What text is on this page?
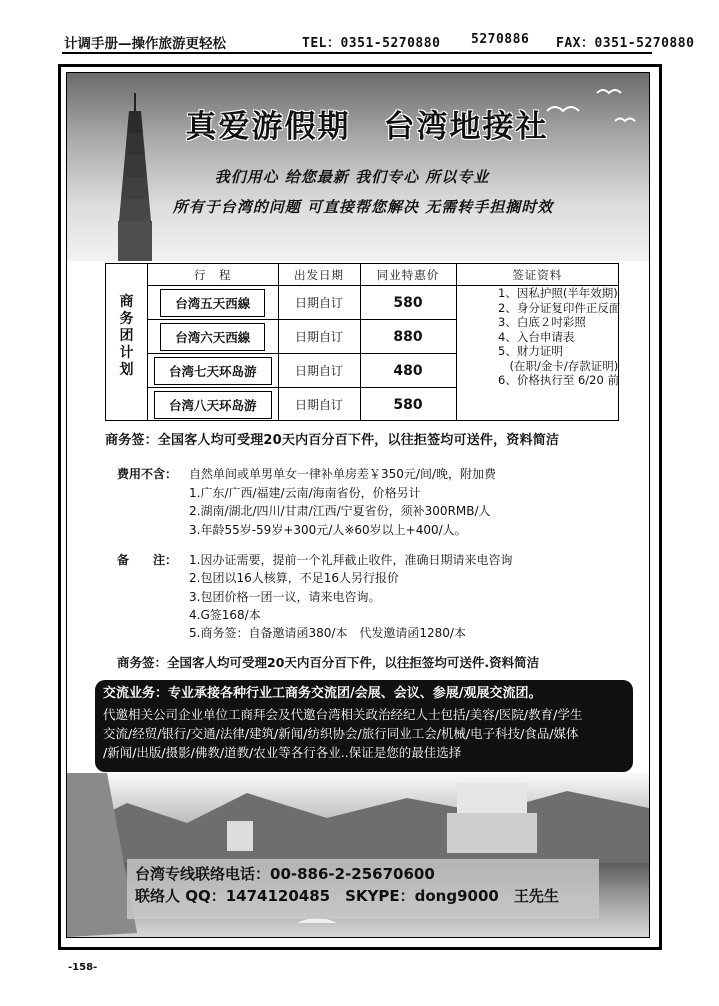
计调手册—操作旅游更轻松	TEL：0351-5270880 5270886 FAX：0351-5270880
真爱游假期　台湾地接社
我们用心 给您最新 我们专心 所以专业
所有于台湾的问题 可直接帮您解决 无需转手担搁时效
商
务
团
计
划
行　程	出发日期	同业特惠价	签证资料
台湾五天西線	日期自订	580	
台湾六天西線	日期自订	880	
台湾七天环岛游	日期自订	480	
台湾八天环岛游	日期自订	580	
1、因私护照(半年效期)
2、身分证复印件正反面
3、白底２吋彩照
4、入台申请表
5、财力证明
　(在职/金卡/存款证明)
6、价格执行至 6/20 前
商务签：全国客人均可受理20天内百分百下件，以往拒签均可送件，资料简洁
费用不含： 自然单间或单男单女一律补单房差￥350元/间/晚，附加费
1.广东/广西/福建/云南/海南省份，价格另计
2.湖南/湖北/四川/甘肃/江西/宁夏省份，须补300RMB/人
3.年龄55岁-59岁+300元/人※60岁以上+400/人。
备　　注： 1.因办证需要，提前一个礼拜截止收件，准确日期请来电咨询
2.包团以16人核算，不足16人另行报价
3.包团价格一团一议，请来电咨询。
4.G签168/本
5.商务签：自备邀请函380/本　代发邀请函1280/本
商务签：全国客人均可受理20天内百分百下件，以往拒签均可送件.资料简洁
交流业务：专业承接各种行业工商务交流团/会展、会议、参展/观展交流团。
代邀相关公司企业单位工商拜会及代邀台湾相关政治经纪人士包括/美容/医院/教育/学生
交流/经贸/银行/交通/法律/建筑/新闻/纺织协会/旅行同业工会/机械/电子科技/食品/媒体
/新闻/出版/摄影/佛教/道教/农业等各行各业..保证是您的最佳选择
台湾专线联络电话：00-886-2-25670600
联络人 QQ：1474120485　SKYPE：dong9000　王先生
-158-
